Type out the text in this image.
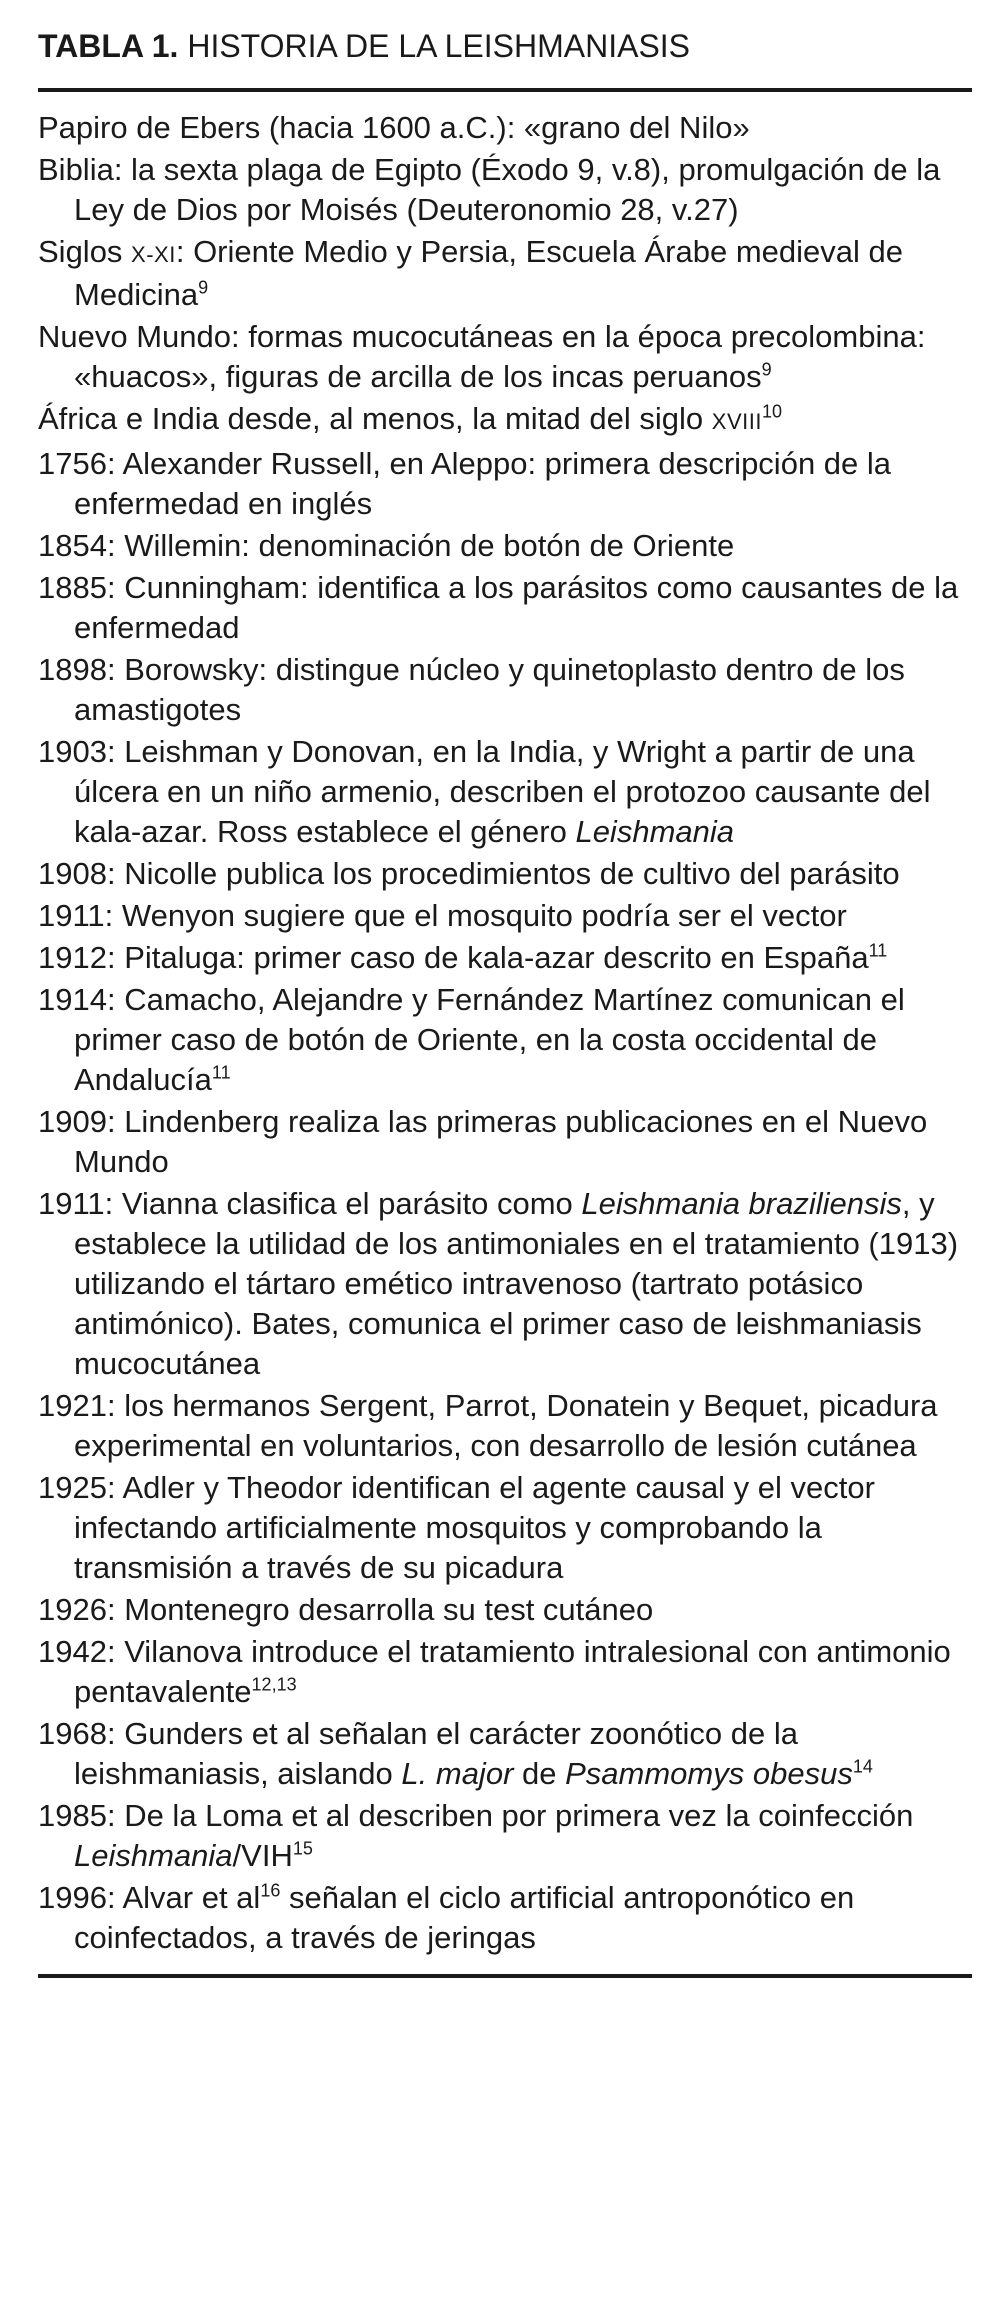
TABLA 1. HISTORIA DE LA LEISHMANIASIS
Papiro de Ebers (hacia 1600 a.C.): «grano del Nilo»
Biblia: la sexta plaga de Egipto (Éxodo 9, v.8), promulgación de la Ley de Dios por Moisés (Deuteronomio 28, v.27)
Siglos X-XI: Oriente Medio y Persia, Escuela Árabe medieval de Medicina$^9$
Nuevo Mundo: formas mucocutáneas en la época precolombina: «huacos», figuras de arcilla de los incas peruanos$^9$
África e India desde, al menos, la mitad del siglo XVIII$^{10}$
1756: Alexander Russell, en Aleppo: primera descripción de la enfermedad en inglés
1854: Willemin: denominación de botón de Oriente
1885: Cunningham: identifica a los parásitos como causantes de la enfermedad
1898: Borowsky: distingue núcleo y quinetoplasto dentro de los amastigotes
1903: Leishman y Donovan, en la India, y Wright a partir de una úlcera en un niño armenio, describen el protozoo causante del kala-azar. Ross establece el género Leishmania
1908: Nicolle publica los procedimientos de cultivo del parásito
1911: Wenyon sugiere que el mosquito podría ser el vector
1912: Pitaluga: primer caso de kala-azar descrito en España$^{11}$
1914: Camacho, Alejandre y Fernández Martínez comunican el primer caso de botón de Oriente, en la costa occidental de Andalucía$^{11}$
1909: Lindenberg realiza las primeras publicaciones en el Nuevo Mundo
1911: Vianna clasifica el parásito como Leishmania braziliensis, y establece la utilidad de los antimoniales en el tratamiento (1913) utilizando el tártaro emético intravenoso (tartrato potásico antimónico). Bates, comunica el primer caso de leishmaniasis mucocutánea
1921: los hermanos Sergent, Parrot, Donatein y Bequet, picadura experimental en voluntarios, con desarrollo de lesión cutánea
1925: Adler y Theodor identifican el agente causal y el vector infectando artificialmente mosquitos y comprobando la transmisión a través de su picadura
1926: Montenegro desarrolla su test cutáneo
1942: Vilanova introduce el tratamiento intralesional con antimonio pentavalente$^{12,13}$
1968: Gunders et al señalan el carácter zoonótico de la leishmaniasis, aislando L. major de Psammomys obesus$^{14}$
1985: De la Loma et al describen por primera vez la coinfección Leishmania/VIH$^{15}$
1996: Alvar et $al^{16}$ señalan el ciclo artificial antroponótico en coinfectados, a través de jeringas
